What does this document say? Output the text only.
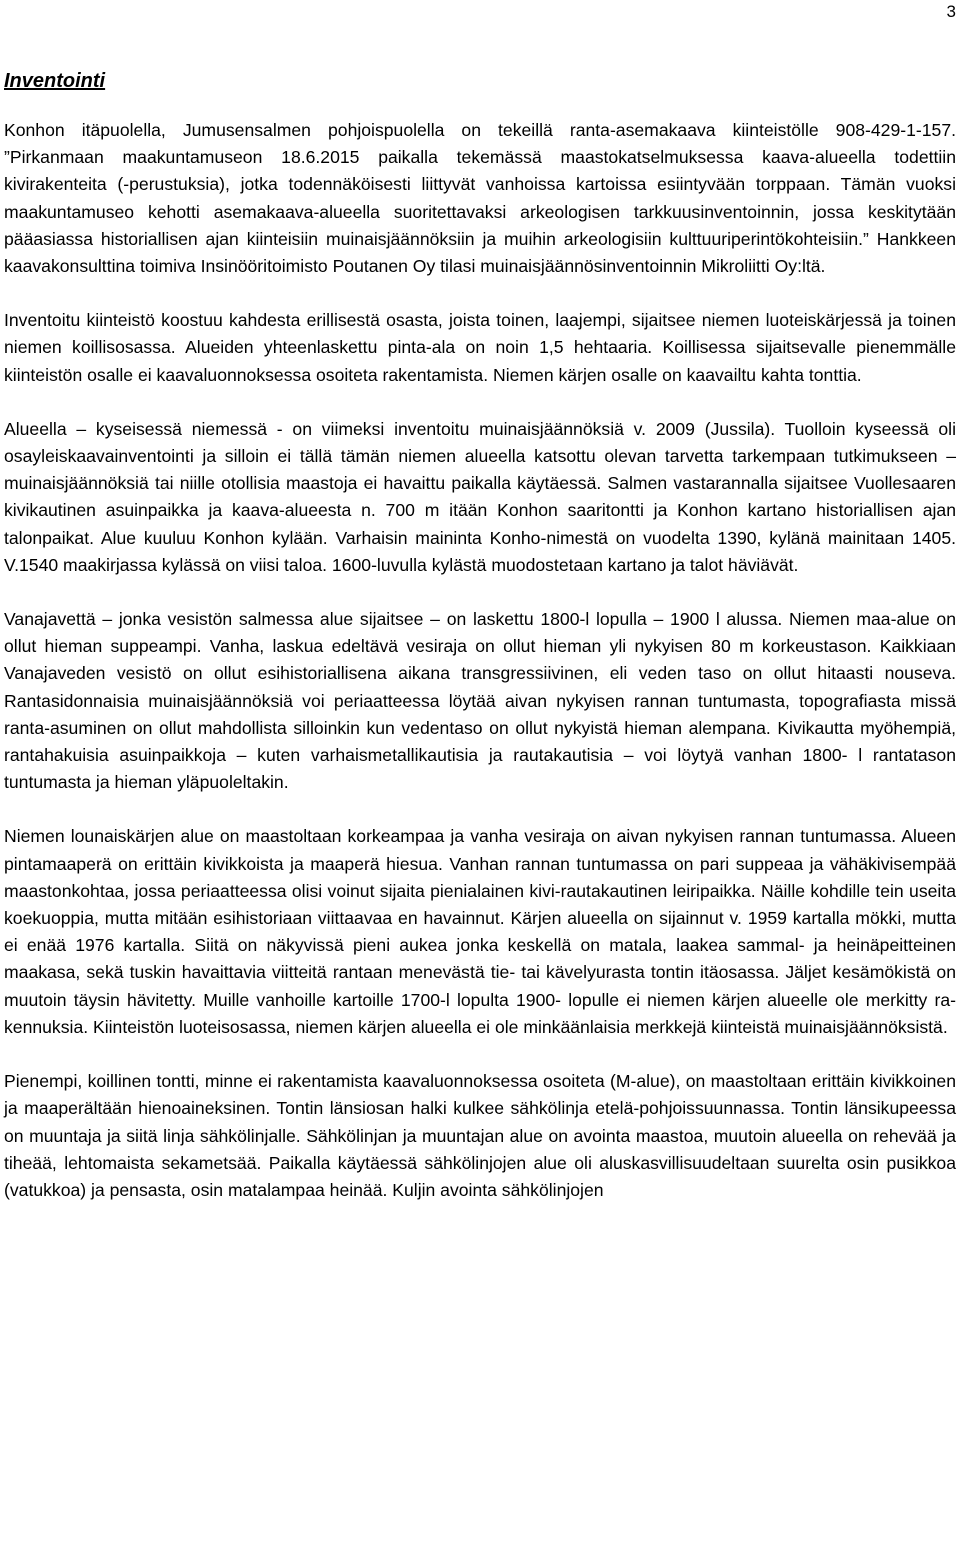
3
Inventointi

Konhon itäpuolella, Jumusensalmen pohjoispuolella on tekeillä ranta-asemakaava kiinteistölle 908-429-1-157. ”Pirkanmaan maakuntamuseon 18.6.2015 paikalla tekemässä maastokatselmuksessa kaava-alueella todettiin kivirakenteita (-perustuksia), jotka todennäköisesti liittyvät vanhoissa kartoissa esiintyvään torppaan. Tämän vuoksi maakuntamuseo kehotti asemakaava-alueella suoritettavaksi arkeologisen tarkkuusinventoinnin, jossa keskitytään pääasiassa historiallisen ajan kiinteisiin muinaisjäännöksiin ja muihin arkeologisiin kulttuuriperintökohteisiin.” Hankkeen kaavakonsulttina toimiva Insinööritoimisto Poutanen Oy tilasi muinaisjäännösinventoinnin Mikroliitti Oy:ltä.

Inventoitu kiinteistö koostuu kahdesta erillisestä osasta, joista toinen, laajempi, sijaitsee niemen luoteiskärjessä ja toinen niemen koillisosassa. Alueiden yhteenlaskettu pinta-ala on noin 1,5 hehtaaria. Koillisessa sijaitsevalle pienemmälle kiinteistön osalle ei kaavaluonnoksessa osoiteta rakentamista. Niemen kärjen osalle on kaavailtu kahta tonttia.

Alueella – kyseisessä niemessä - on viimeksi inventoitu muinaisjäännöksiä v. 2009 (Jussila). Tuolloin kyseessä oli osayleiskaavainventointi ja silloin ei tällä tämän niemen alueella katsottu olevan tarvetta tarkempaan tutkimukseen – muinaisjäännöksiä tai niille otollisia maastoja ei havaittu paikalla käytäessä. Salmen vastarannalla sijaitsee Vuollesaaren kivikautinen asuinpaikka ja kaava-alueesta n. 700 m itään Konhon saaritontti ja Konhon kartano historiallisen ajan talonpaikat. Alue kuuluu Konhon kylään. Varhaisin maininta Konho-nimestä on vuodelta 1390, kylänä mainitaan 1405. V.1540 maakirjassa kylässä on viisi taloa. 1600-luvulla kylästä muodostetaan kartano ja talot häviävät.

Vanajavettä – jonka vesistön salmessa alue sijaitsee – on laskettu 1800-l lopulla – 1900 l alussa. Niemen maa-alue on ollut hieman suppeampi. Vanha, laskua edeltävä vesiraja on ollut hieman yli nykyisen 80 m korkeustason. Kaikkiaan Vanajaveden vesistö on ollut esihistoriallisena aikana transgressiivinen, eli veden taso on ollut hitaasti nouseva. Rantasidonnaisia muinaisjäännöksiä voi periaatteessa löytää aivan nykyisen rannan tuntumasta, topografiasta missä ranta-asuminen on ollut mahdollista silloinkin kun vedentaso on ollut nykyistä hieman alempana. Kivikautta myöhempiä, rantahakuisia asuinpaikkoja – kuten varhaismetallikautisia ja rautakautisia – voi löytyä vanhan 1800- l rantatason tuntumasta ja hieman yläpuoleltakin.

Niemen lounaiskärjen alue on maastoltaan korkeampaa ja vanha vesiraja on aivan nykyisen rannan tuntumassa. Alueen pintamaaperä on erittäin kivikkoista ja maaperä hiesua. Vanhan rannan tuntumassa on pari suppeaa ja vähäkivisempää maastonkohtaa, jossa periaatteessa olisi voinut sijaita pienialainen kivi-rautakautinen leiripaikka. Näille kohdille tein useita koekuoppia, mutta mitään esihistoriaan viittaavaa en havainnut. Kärjen alueella on sijainnut v. 1959 kartalla mökki, mutta ei enää 1976 kartalla. Siitä on näkyvissä pieni aukea jonka keskellä on matala, laakea sammal- ja heinäpeitteinen maakasa, sekä tuskin havaittavia viitteitä rantaan menevästä tie- tai kävelyurasta tontin itäosassa. Jäljet kesämökistä on muutoin täysin hävitetty. Muille vanhoille kartoille 1700-l lopulta 1900- lopulle ei niemen kärjen alueelle ole merkitty rakennuksia. Kiinteistön luoteisosassa, niemen kärjen alueella ei ole minkäänlaisia merkkejä kiinteistä muinaisjäännöksistä.

Pienempi, koillinen tontti, minne ei rakentamista kaavaluonnoksessa osoiteta (M-alue), on maastoltaan erittäin kivikkoinen ja maaperältään hienoaineksinen. Tontin länsiosan halki kulkee sähkölinja etelä-pohjoissuunnassa. Tontin länsikupeessa on muuntaja ja siitä linja sähkölinjalle. Sähkölinjan ja muuntajan alue on avointa maastoa, muutoin alueella on rehevää ja tiheää, lehtomaista sekametsää. Paikalla käytäessä sähkölinjojen alue oli aluskasvillisuudeltaan suurelta osin pusikkoa (vatukkoa) ja pensasta, osin matalampaa heinää. Kuljin avointa sähkölinjojen
